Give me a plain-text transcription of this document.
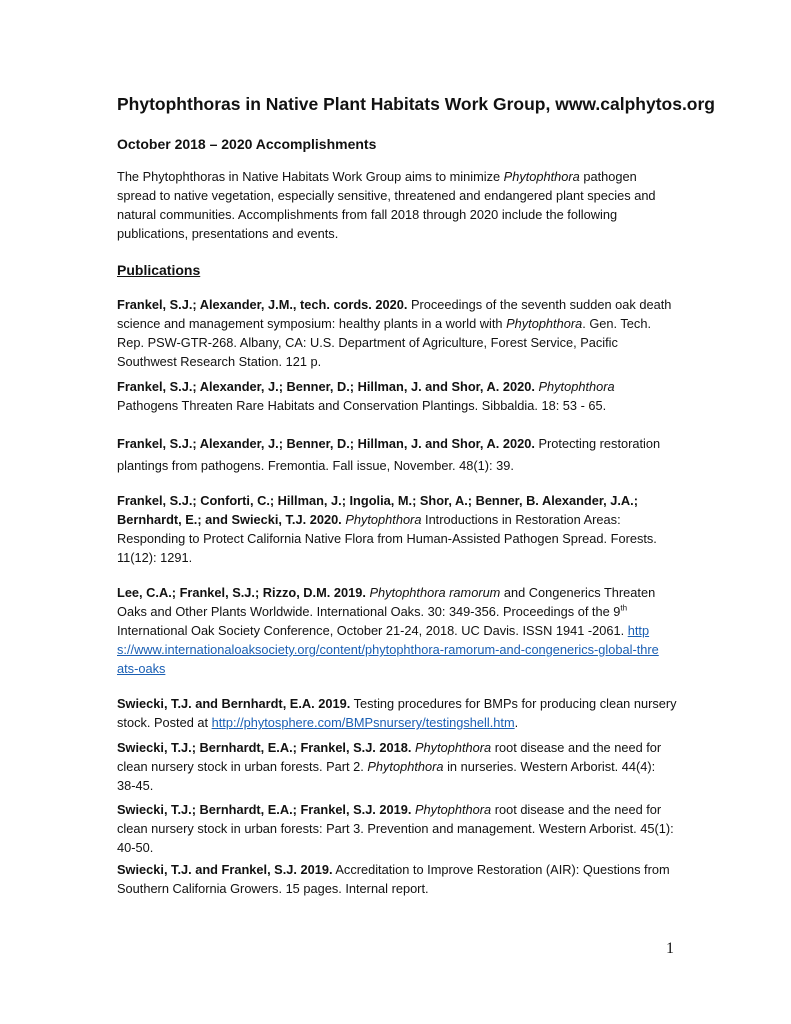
Phytophthoras in Native Plant Habitats Work Group, www.calphytos.org
October 2018 – 2020 Accomplishments
The Phytophthoras in Native Habitats Work Group aims to minimize Phytophthora pathogen spread to native vegetation, especially sensitive, threatened and endangered plant species and natural communities. Accomplishments from fall 2018 through 2020 include the following publications, presentations and events.
Publications
Frankel, S.J.; Alexander, J.M., tech. cords. 2020. Proceedings of the seventh sudden oak death science and management symposium: healthy plants in a world with Phytophthora. Gen. Tech. Rep. PSW-GTR-268. Albany, CA: U.S. Department of Agriculture, Forest Service, Pacific Southwest Research Station. 121 p.
Frankel, S.J.; Alexander, J.; Benner, D.; Hillman, J. and Shor, A. 2020. Phytophthora Pathogens Threaten Rare Habitats and Conservation Plantings. Sibbaldia. 18: 53 - 65.
Frankel, S.J.; Alexander, J.; Benner, D.; Hillman, J. and Shor, A. 2020. Protecting restoration plantings from pathogens. Fremontia. Fall issue, November. 48(1): 39.
Frankel, S.J.; Conforti, C.; Hillman, J.; Ingolia, M.; Shor, A.; Benner, B. Alexander, J.A.; Bernhardt, E.; and Swiecki, T.J. 2020. Phytophthora Introductions in Restoration Areas: Responding to Protect California Native Flora from Human-Assisted Pathogen Spread. Forests. 11(12): 1291.
Lee, C.A.; Frankel, S.J.; Rizzo, D.M. 2019. Phytophthora ramorum and Congenerics Threaten Oaks and Other Plants Worldwide. International Oaks. 30: 349-356. Proceedings of the 9th International Oak Society Conference, October 21-24, 2018. UC Davis. ISSN 1941 -2061. https://www.internationaloaksociety.org/content/phytophthora-ramorum-and-congenerics-global-threats-oaks
Swiecki, T.J. and Bernhardt, E.A. 2019. Testing procedures for BMPs for producing clean nursery stock. Posted at http://phytosphere.com/BMPsnursery/testingshell.htm.
Swiecki, T.J.; Bernhardt, E.A.; Frankel, S.J. 2018. Phytophthora root disease and the need for clean nursery stock in urban forests. Part 2. Phytophthora in nurseries. Western Arborist. 44(4): 38-45.
Swiecki, T.J.; Bernhardt, E.A.; Frankel, S.J. 2019. Phytophthora root disease and the need for clean nursery stock in urban forests: Part 3. Prevention and management. Western Arborist. 45(1): 40-50.
Swiecki, T.J. and Frankel, S.J. 2019. Accreditation to Improve Restoration (AIR): Questions from Southern California Growers. 15 pages. Internal report.
1
